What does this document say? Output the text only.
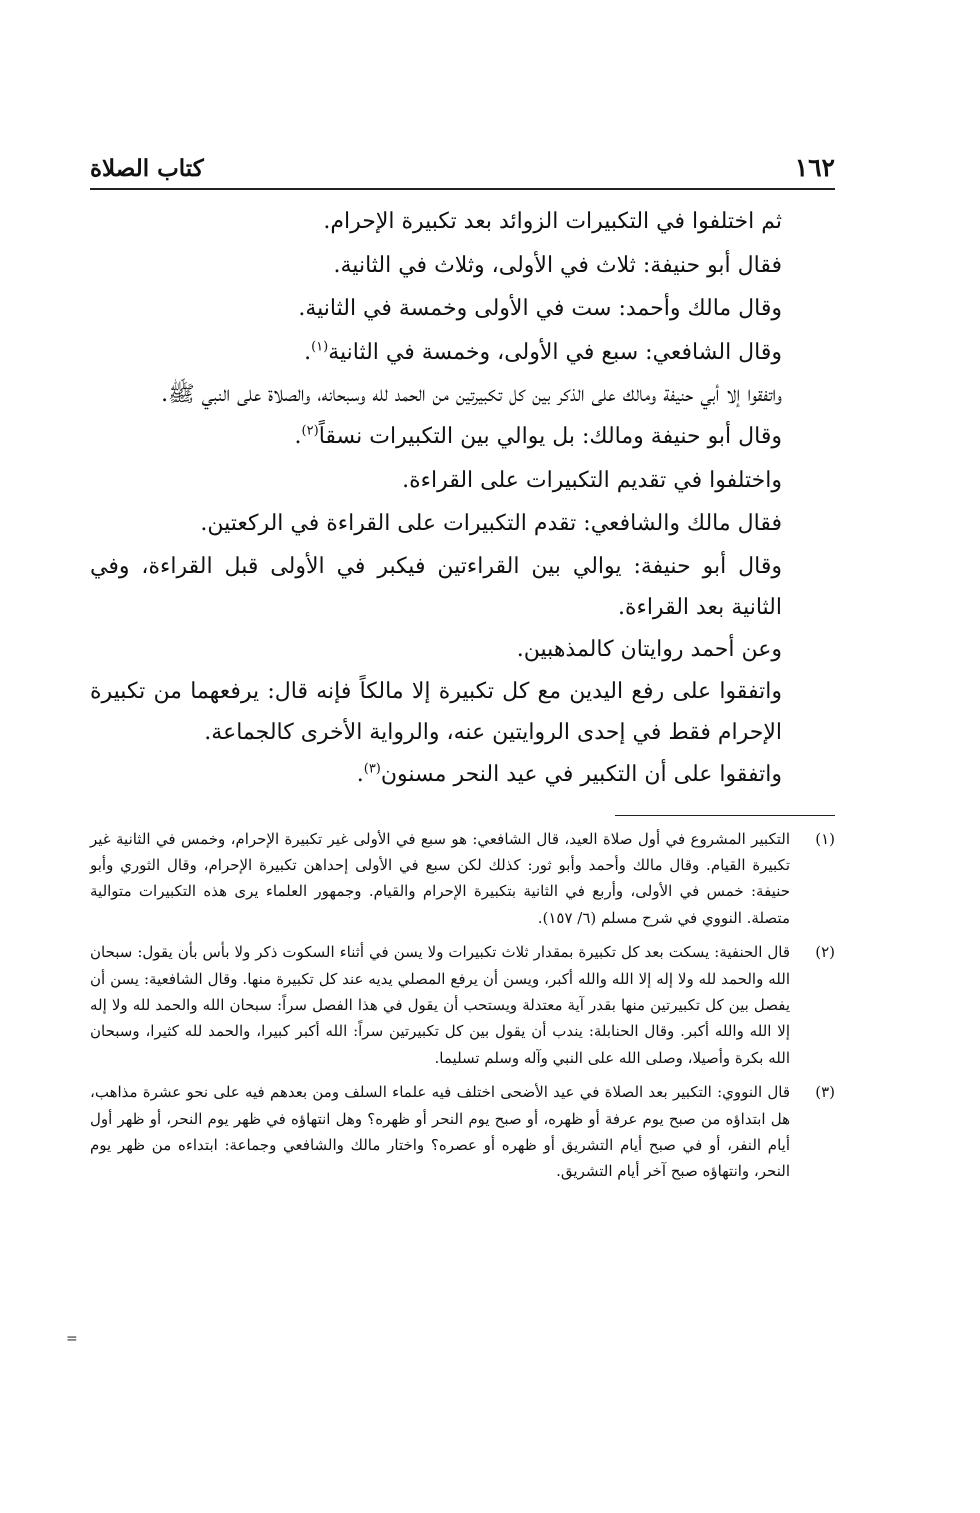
١٦٢
كتاب الصلاة

ثم اختلفوا في التكبيرات الزوائد بعد تكبيرة الإحرام.

فقال أبو حنيفة: ثلاث في الأولى، وثلاث في الثانية.

وقال مالك وأحمد: ست في الأولى وخمسة في الثانية.

وقال الشافعي: سبع في الأولى، وخمسة في الثانية$^{(١)}$.

واتفقوا إلا أبي حنيفة ومالك على الذكر بين كل تكبيرتين من الحمد لله وسبحانه، والصلاة على النبي ﷺ.

وقال أبو حنيفة ومالك: بل يوالي بين التكبيرات نسقاً$^{(٢)}$.

واختلفوا في تقديم التكبيرات على القراءة.

فقال مالك والشافعي: تقدم التكبيرات على القراءة في الركعتين.

وقال أبو حنيفة: يوالي بين القراءتين فيكبر في الأولى قبل القراءة، وفي الثانية بعد القراءة.

وعن أحمد روايتان كالمذهبين.

واتفقوا على رفع اليدين مع كل تكبيرة إلا مالكاً فإنه قال: يرفعهما من تكبيرة الإحرام فقط في إحدى الروايتين عنه، والرواية الأخرى كالجماعة.

واتفقوا على أن التكبير في عيد النحر مسنون$^{(٣)}$.

(١)
التكبير المشروع في أول صلاة العيد، قال الشافعي: هو سبع في الأولى غير تكبيرة الإحرام، وخمس في الثانية غير تكبيرة القيام. وقال مالك وأحمد وأبو ثور: كذلك لكن سبع في الأولى إحداهن تكبيرة الإحرام، وقال الثوري وأبو حنيفة: خمس في الأولى، وأربع في الثانية بتكبيرة الإحرام والقيام. وجمهور العلماء يرى هذه التكبيرات متوالية متصلة. النووي في شرح مسلم (٦/ ١٥٧).
(٢)
قال الحنفية: يسكت بعد كل تكبيرة بمقدار ثلاث تكبيرات ولا يسن في أثناء السكوت ذكر ولا بأس بأن يقول: سبحان الله والحمد لله ولا إله إلا الله والله أكبر، ويسن أن يرفع المصلي يديه عند كل تكبيرة منها. وقال الشافعية: يسن أن يفصل بين كل تكبيرتين منها بقدر آية معتدلة ويستحب أن يقول في هذا الفصل سراً: سبحان الله والحمد لله ولا إله إلا الله والله أكبر. وقال الحنابلة: يندب أن يقول بين كل تكبيرتين سراً: الله أكبر كبيرا، والحمد لله كثيرا، وسبحان الله بكرة وأصيلا، وصلى الله على النبي وآله وسلم تسليما.
(٣)
قال النووي: التكبير بعد الصلاة في عيد الأضحى اختلف فيه علماء السلف ومن بعدهم فيه على نحو عشرة مذاهب، هل ابتداؤه من صبح يوم عرفة أو ظهره، أو صبح يوم النحر أو ظهره؟ وهل انتهاؤه في ظهر يوم النحر، أو ظهر أول أيام النفر، أو في صبح أيام التشريق أو ظهره أو عصره؟ واختار مالك والشافعي وجماعة: ابتداءه من ظهر يوم النحر، وانتهاؤه صبح آخر أيام التشريق.
=
